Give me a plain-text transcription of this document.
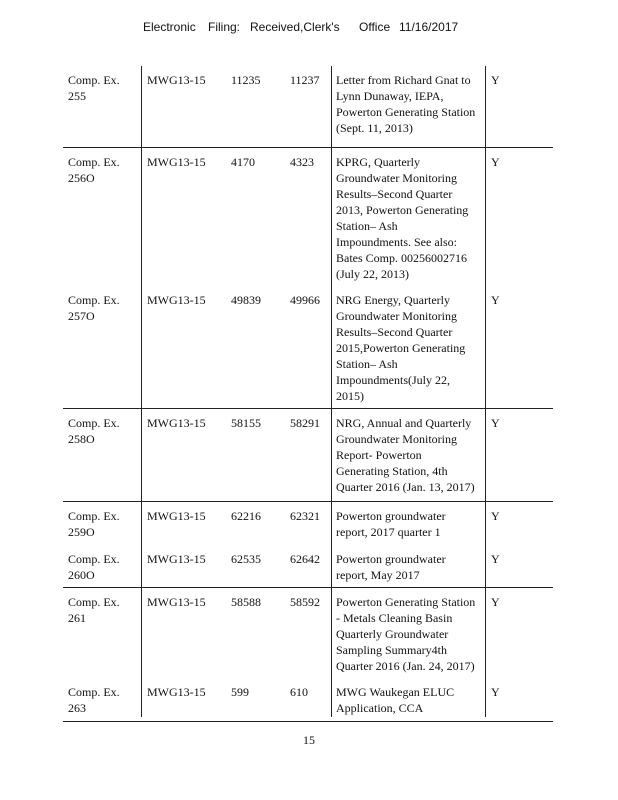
Electronic Filing: Received,Clerk's Office 11/16/2017
Comp. Ex. 255
MWG13-15 11235 11237 Letter from Richard Gnat to
Lynn Dunaway, IEPA,
Powerton Generating Station
(Sept. 11, 2013)
Y
Comp. Ex. 256O
MWG13-15 4170	4323 KPRG, Quarterly
Groundwater Monitoring
Results–Second Quarter
2013, Powerton Generating
Station– Ash
Impoundments. See also:
Bates Comp. 00256002716
(July 22, 2013)
Y
Comp. Ex. 257O
MWG13-15 49839 49966 NRG Energy, Quarterly
Groundwater Monitoring
Results–Second Quarter
2015,Powerton Generating
Station– Ash
Impoundments(July 22,
2015)
Y
Comp. Ex. 258O
MWG13-15 58155 58291 NRG, Annual and Quarterly
Groundwater Monitoring
Report- Powerton
Generating Station, 4th
Quarter 2016 (Jan. 13, 2017)
Y
Comp. Ex. 259O
MWG13-15 62216 62321 Powerton groundwater
report, 2017 quarter 1
Y
Comp. Ex. 260O
MWG13-15 62535 62642 Powerton groundwater
report, May 2017
Y
Comp. Ex. 261
MWG13-15 58588 58592 Powerton Generating Station
- Metals Cleaning Basin
Quarterly Groundwater
Sampling Summary4th
Quarter 2016 (Jan. 24, 2017)
Y
Comp. Ex. 263
MWG13-15 599	610 MWG Waukegan ELUC
Application, CCA
Y
15
